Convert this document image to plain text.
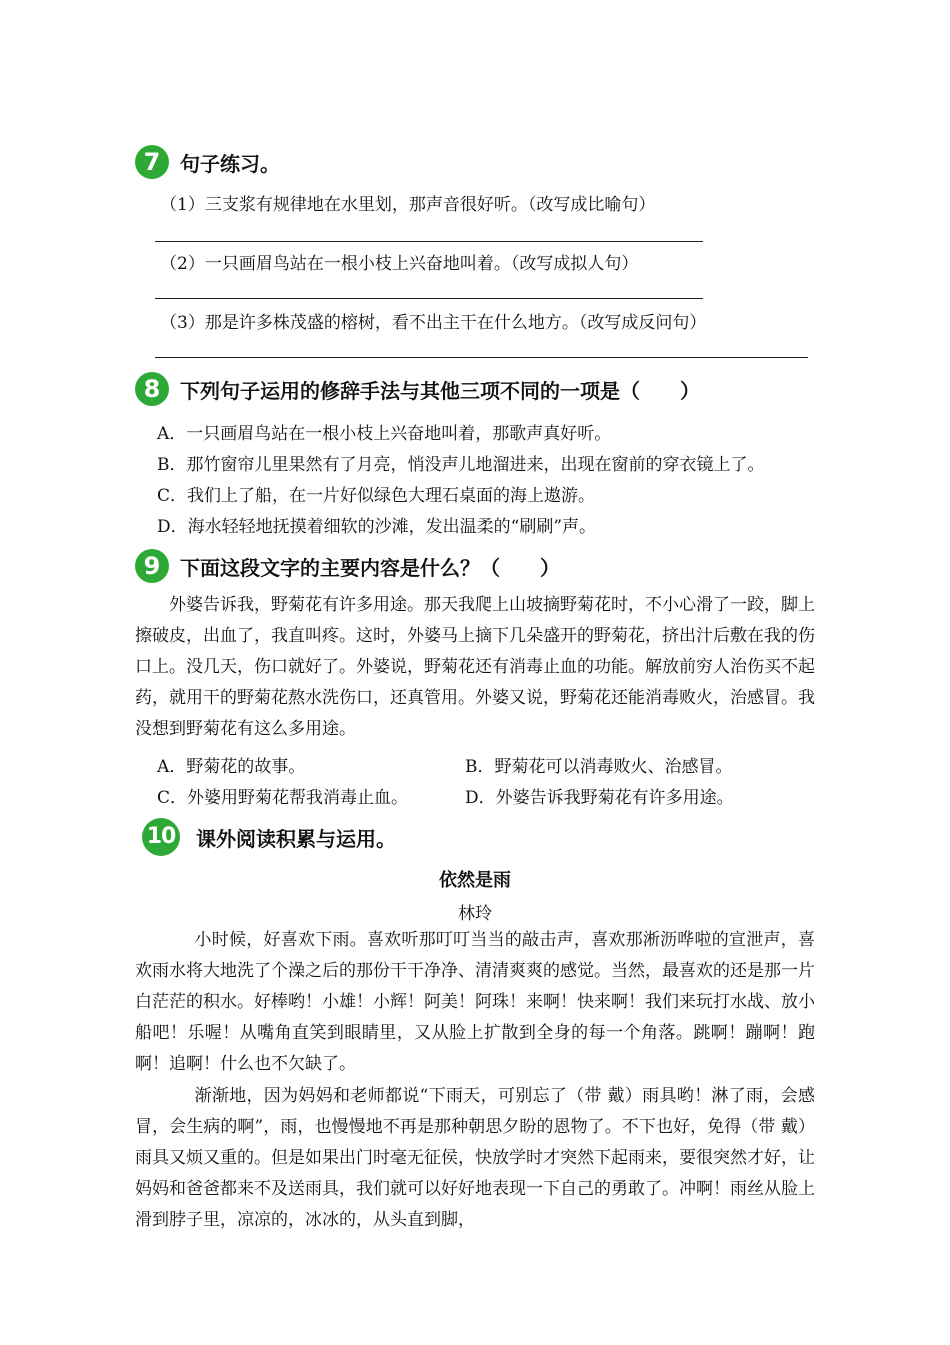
7 句子练习。
（1）三支浆有规律地在水里划，那声音很好听。（改写成比喻句）
（2）一只画眉鸟站在一根小枝上兴奋地叫着。（改写成拟人句）
（3）那是许多株茂盛的榕树，看不出主干在什么地方。（改写成反问句）
8 下列句子运用的修辞手法与其他三项不同的一项是（　　）
A．一只画眉鸟站在一根小枝上兴奋地叫着，那歌声真好听。
B．那竹窗帘儿里果然有了月亮，悄没声儿地溜进来，出现在窗前的穿衣镜上了。
C．我们上了船，在一片好似绿色大理石桌面的海上遨游。
D．海水轻轻地抚摸着细软的沙滩，发出温柔的“刷刷”声。
9 下面这段文字的主要内容是什么？（　　）

外婆告诉我，野菊花有许多用途。那天我爬上山坡摘野菊花时，不小心滑了一跤，脚上擦破皮，出血了，我直叫疼。这时，外婆马上摘下几朵盛开的野菊花，挤出汁后敷在我的伤口上。没几天，伤口就好了。外婆说，野菊花还有消毒止血的功能。解放前穷人治伤买不起药，就用干的野菊花熬水洗伤口，还真管用。外婆又说，野菊花还能消毒败火，治感冒。我没想到野菊花有这么多用途。

A．野菊花的故事。	B．野菊花可以消毒败火、治感冒。
C．外婆用野菊花帮我消毒止血。	D．外婆告诉我野菊花有许多用途。
10 课外阅读积累与运用。
依然是雨
林玲

小时候，好喜欢下雨。喜欢听那叮叮当当的敲击声，喜欢那淅沥哗啦的宣泄声，喜欢雨水将大地洗了个澡之后的那份干干净净、清清爽爽的感觉。当然，最喜欢的还是那一片白茫茫的积水。好棒哟！小雄！小辉！阿美！阿珠！来啊！快来啊！我们来玩打水战、放小船吧！乐喔！从嘴角直笑到眼睛里，又从脸上扩散到全身的每一个角落。跳啊！蹦啊！跑啊！追啊！什么也不欠缺了。

渐渐地，因为妈妈和老师都说“下雨天，可别忘了（带 戴）雨具哟！淋了雨，会感冒，会生病的啊”，雨，也慢慢地不再是那种朝思夕盼的恩物了。不下也好，免得（带 戴）雨具又烦又重的。但是如果出门时毫无征侯，快放学时才突然下起雨来，要很突然才好，让妈妈和爸爸都来不及送雨具，我们就可以好好地表现一下自己的勇敢了。冲啊！雨丝从脸上滑到脖子里，凉凉的，冰冰的，从头直到脚，
